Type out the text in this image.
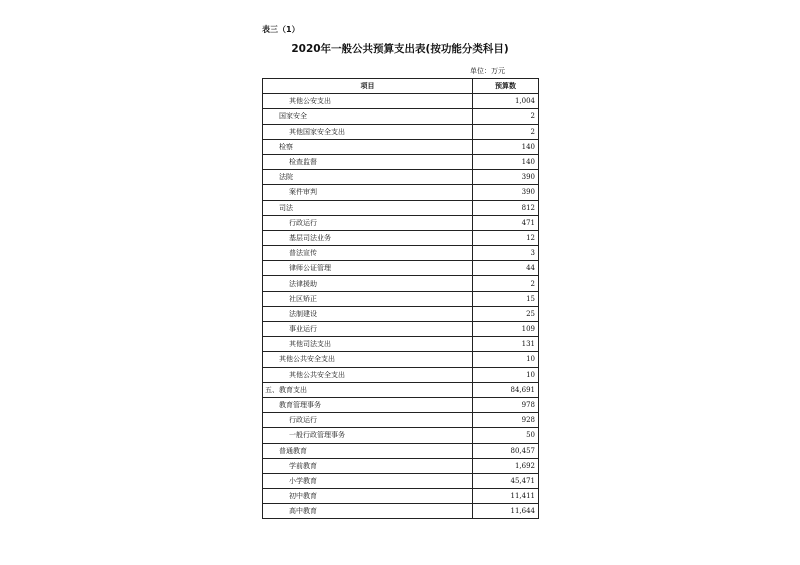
表三（1）
2020年一般公共预算支出表(按功能分类科目)
单位：万元
项目	预算数
其他公安支出	1,004
国家安全	2
其他国家安全支出	2
检察	140
检查监督	140
法院	390
案件审判	390
司法	812
行政运行	471
基层司法业务	12
普法宣传	3
律师公证管理	44
法律援助	2
社区矫正	15
法制建设	25
事业运行	109
其他司法支出	131
其他公共安全支出	10
其他公共安全支出	10
五、教育支出	84,691
教育管理事务	978
行政运行	928
一般行政管理事务	50
普通教育	80,457
学前教育	1,692
小学教育	45,471
初中教育	11,411
高中教育	11,644
